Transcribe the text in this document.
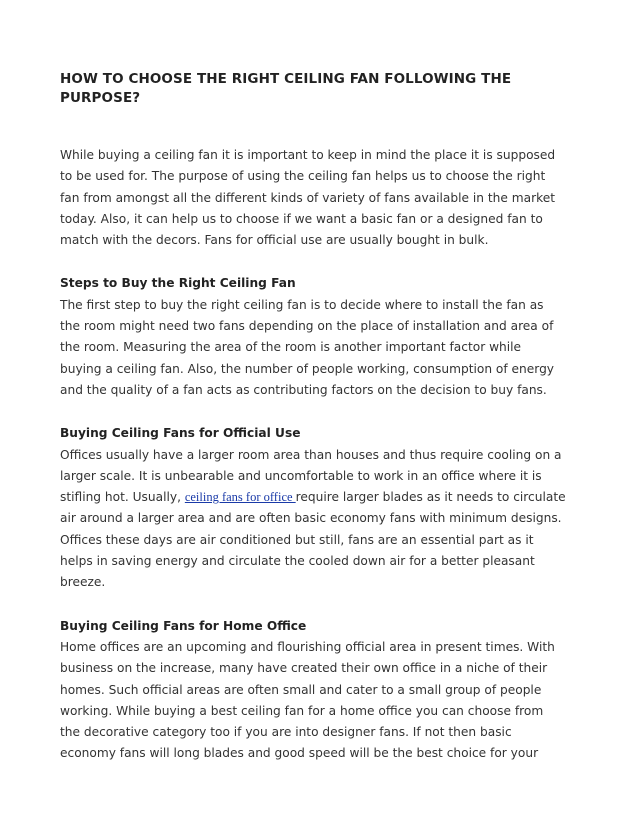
HOW TO CHOOSE THE RIGHT CEILING FAN FOLLOWING THE
PURPOSE?

While buying a ceiling fan it is important to keep in mind the place it is supposed
to be used for. The purpose of using the ceiling fan helps us to choose the right
fan from amongst all the different kinds of variety of fans available in the market
today. Also, it can help us to choose if we want a basic fan or a designed fan to
match with the decors. Fans for official use are usually bought in bulk.

Steps to Buy the Right Ceiling Fan

The first step to buy the right ceiling fan is to decide where to install the fan as
the room might need two fans depending on the place of installation and area of
the room. Measuring the area of the room is another important factor while
buying a ceiling fan. Also, the number of people working, consumption of energy
and the quality of a fan acts as contributing factors on the decision to buy fans.

Buying Ceiling Fans for Official Use

Offices usually have a larger room area than houses and thus require cooling on a
larger scale. It is unbearable and uncomfortable to work in an office where it is
stifling hot. Usually, ceiling fans for office require larger blades as it needs to circulate
air around a larger area and are often basic economy fans with minimum designs.
Offices these days are air conditioned but still, fans are an essential part as it
helps in saving energy and circulate the cooled down air for a better pleasant
breeze.

Buying Ceiling Fans for Home Office

Home offices are an upcoming and flourishing official area in present times. With
business on the increase, many have created their own office in a niche of their
homes. Such official areas are often small and cater to a small group of people
working. While buying a best ceiling fan for a home office you can choose from
the decorative category too if you are into designer fans. If not then basic
economy fans will long blades and good speed will be the best choice for your
